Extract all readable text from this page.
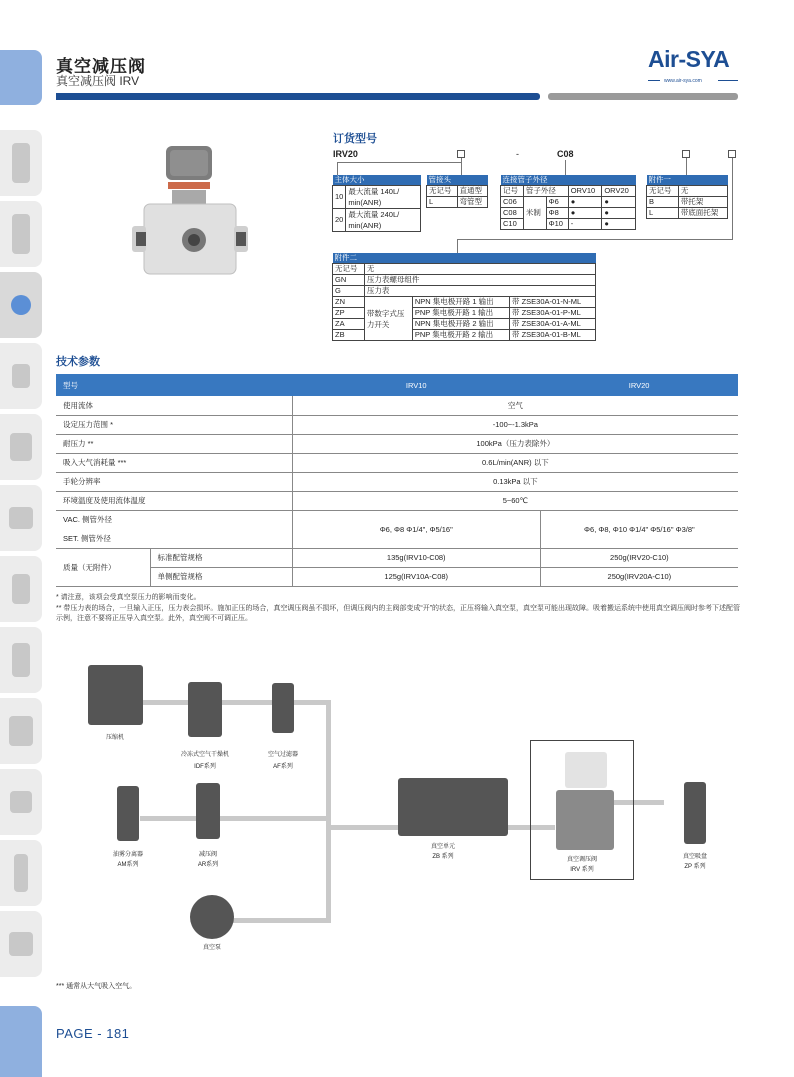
真空减压阀
真空减压阀 IRV
Air-SYA
www.air-sya.com
订货型号
IRV20	-	C08
主体大小	
10	最大流量 140L/ min(ANR)
20	最大流量 240L/ min(ANR)
管接头	
无记号	直通型
L	弯管型
连接管子外径				
记号	管子外径		ORV10	ORV20
C06	米制	Φ6	●	●
C08		Φ8	●	●
C10		Φ10	-	●
附件一	
无记号	无
B	带托架
L	带底面托架
附件二			
无记号	无		
GN	压力表螺母组件		
G	压力表		
ZN	带数字式压力开关	NPN 集电极开路 1 输出	带 ZSE30A-01-N-ML
ZP		PNP 集电极开路 1 输出	带 ZSE30A-01-P-ML
ZA		NPN 集电极开路 2 输出	带 ZSE30A-01-A-ML
ZB		PNP 集电极开路 2 输出	带 ZSE30A-01-B-ML
技术参数
型号		IRV10	IRV20
使用流体		空气	
设定压力范围 *		-100~-1.3kPa	
耐压力 **		100kPa（压力表除外）	
吸入大气消耗量 ***		0.6L/min(ANR) 以下	
手轮分辨率		0.13kPa 以下	
环境温度及使用流体温度		5~60℃	
VAC. 侧管外径		Φ6, Φ8 Φ1/4", Φ5/16"	Φ6, Φ8, Φ10 Φ1/4" Φ5/16" Φ3/8"
SET. 侧管外径			
质量（无附件）	标准配管规格	135g(IRV10-C08)	250g(IRV20-C10)
	单侧配管规格	125g(IRV10A-C08)	250g(IRV20A-C10)
* 请注意，该项会受真空泵压力的影响而变化。
** 带压力表的场合，一旦输入正压，压力表会损坏。施加正压的场合，真空调压阀虽不损坏，但调压阀内的主阀部变成“开”的状态，正压将输入真空泵，真空泵可能出现故障。吸着搬运系统中使用真空调压阀时参考下述配管示例，注意不要将正压导入真空泵。此外，真空阀不可调正压。
压缩机
冷冻式空气干燥机
IDF系列
空气过滤器
AF系列
油雾分离器
AM系列
减压阀
AR系列
真空泵
真空单元
ZB 系列	真空调压阀
IRV 系列
真空吸盘
ZP 系列
*** 通常从大气吸入空气。
PAGE - 181
